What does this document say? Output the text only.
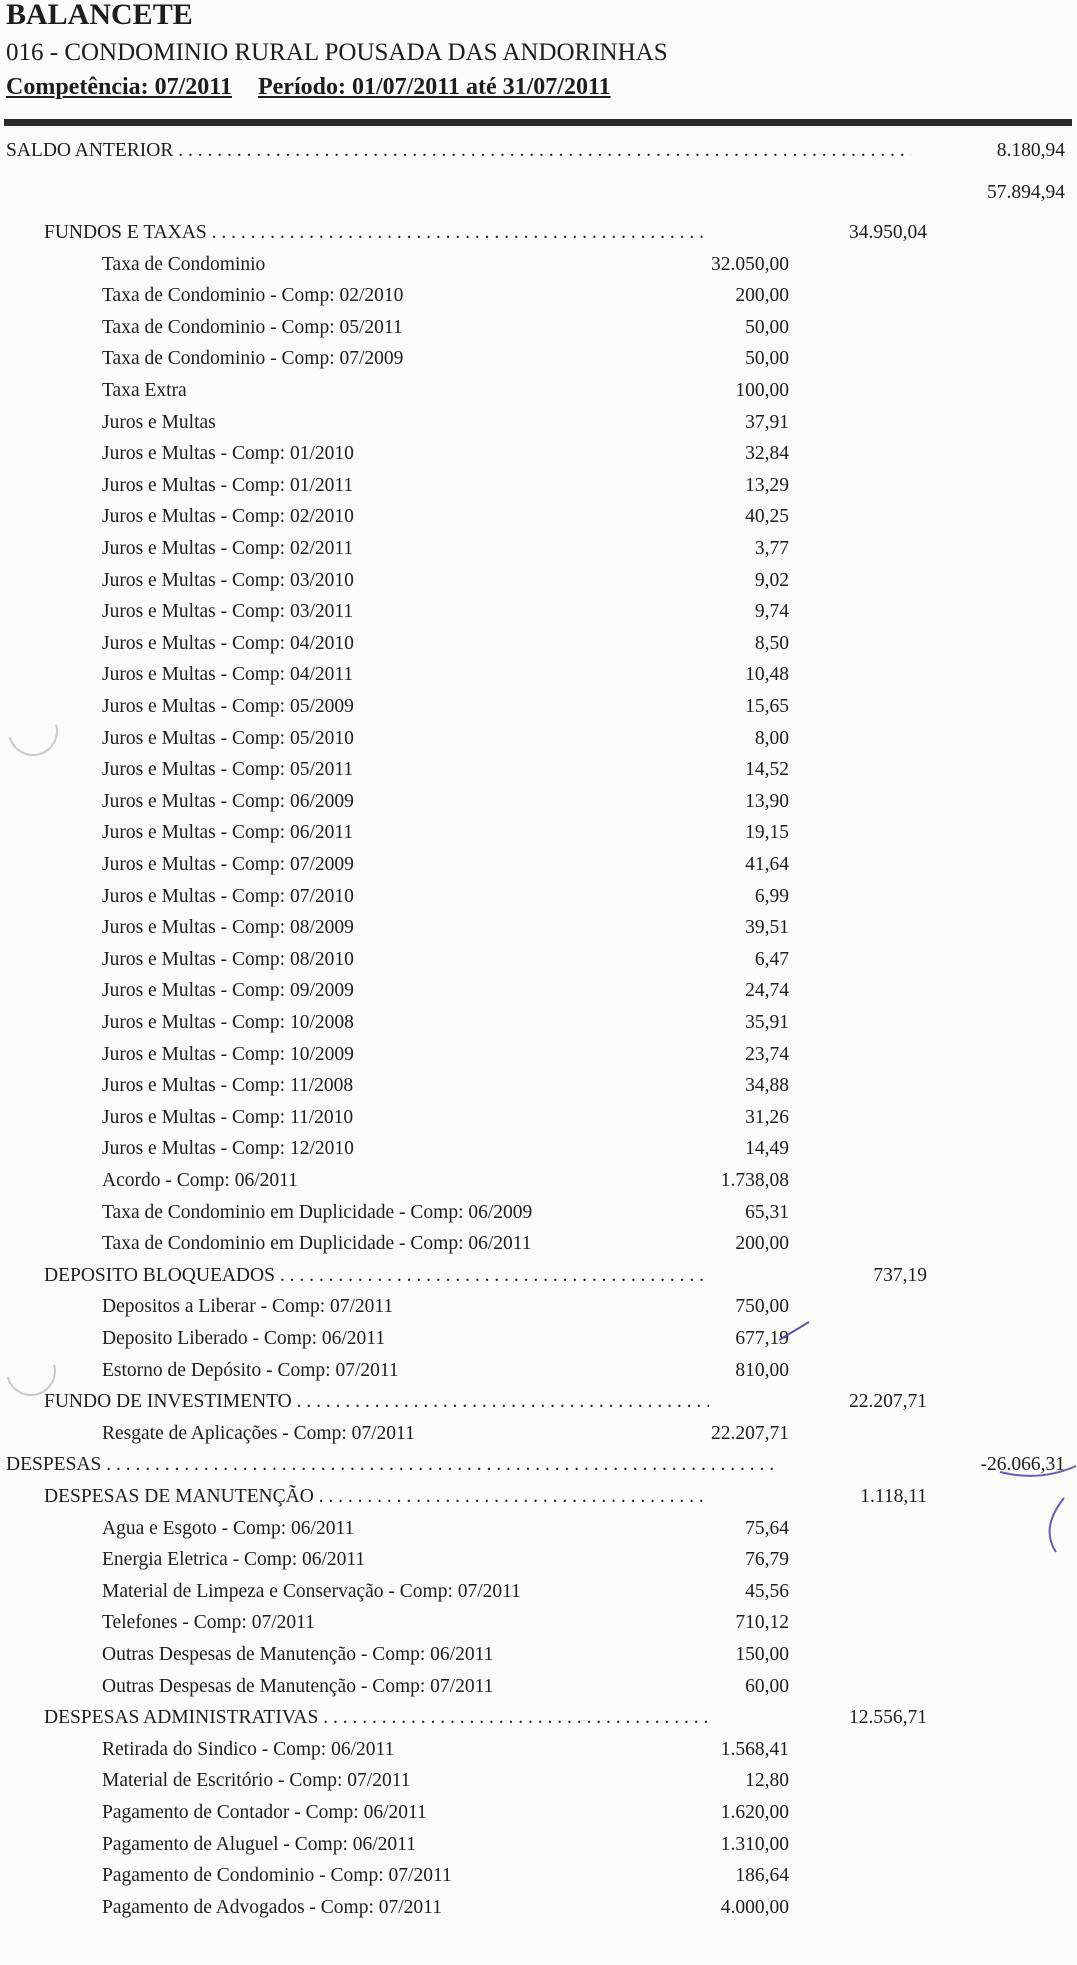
BALANCETE
016 - CONDOMINIO RURAL POUSADA DAS ANDORINHAS
Competência: 07/2011 Período: 01/07/2011 até 31/07/2011
SALDO ANTERIOR . . .	8.180,94
57.894,94
FUNDOS E TAXAS . . .	34.950,04
Taxa de Condominio	32.050,00
Taxa de Condominio - Comp: 02/2010	200,00
Taxa de Condominio - Comp: 05/2011	50,00
Taxa de Condominio - Comp: 07/2009	50,00
Taxa Extra	100,00
Juros e Multas	37,91
Juros e Multas - Comp: 01/2010	32,84
Juros e Multas - Comp: 01/2011	13,29
Juros e Multas - Comp: 02/2010	40,25
Juros e Multas - Comp: 02/2011	3,77
Juros e Multas - Comp: 03/2010	9,02
Juros e Multas - Comp: 03/2011	9,74
Juros e Multas - Comp: 04/2010	8,50
Juros e Multas - Comp: 04/2011	10,48
Juros e Multas - Comp: 05/2009	15,65
Juros e Multas - Comp: 05/2010	8,00
Juros e Multas - Comp: 05/2011	14,52
Juros e Multas - Comp: 06/2009	13,90
Juros e Multas - Comp: 06/2011	19,15
Juros e Multas - Comp: 07/2009	41,64
Juros e Multas - Comp: 07/2010	6,99
Juros e Multas - Comp: 08/2009	39,51
Juros e Multas - Comp: 08/2010	6,47
Juros e Multas - Comp: 09/2009	24,74
Juros e Multas - Comp: 10/2008	35,91
Juros e Multas - Comp: 10/2009	23,74
Juros e Multas - Comp: 11/2008	34,88
Juros e Multas - Comp: 11/2010	31,26
Juros e Multas - Comp: 12/2010	14,49
Acordo - Comp: 06/2011	1.738,08
Taxa de Condominio em Duplicidade - Comp: 06/2009	65,31
Taxa de Condominio em Duplicidade - Comp: 06/2011	200,00
DEPOSITO BLOQUEADOS . . .	737,19
Depositos a Liberar - Comp: 07/2011	750,00
Deposito Liberado - Comp: 06/2011	677,19
Estorno de Depósito - Comp: 07/2011	810,00
FUNDO DE INVESTIMENTO . . .	22.207,71
Resgate de Aplicações - Comp: 07/2011	22.207,71
DESPESAS . . .	-26.066,31
DESPESAS DE MANUTENÇÃO . . .	1.118,11
Agua e Esgoto - Comp: 06/2011	75,64
Energia Eletrica - Comp: 06/2011	76,79
Material de Limpeza e Conservação - Comp: 07/2011	45,56
Telefones - Comp: 07/2011	710,12
Outras Despesas de Manutenção - Comp: 06/2011	150,00
Outras Despesas de Manutenção - Comp: 07/2011	60,00
DESPESAS ADMINISTRATIVAS . . .	12.556,71
Retirada do Sindico - Comp: 06/2011	1.568,41
Material de Escritório - Comp: 07/2011	12,80
Pagamento de Contador - Comp: 06/2011	1.620,00
Pagamento de Aluguel - Comp: 06/2011	1.310,00
Pagamento de Condominio - Comp: 07/2011	186,64
Pagamento de Advogados - Comp: 07/2011	4.000,00
